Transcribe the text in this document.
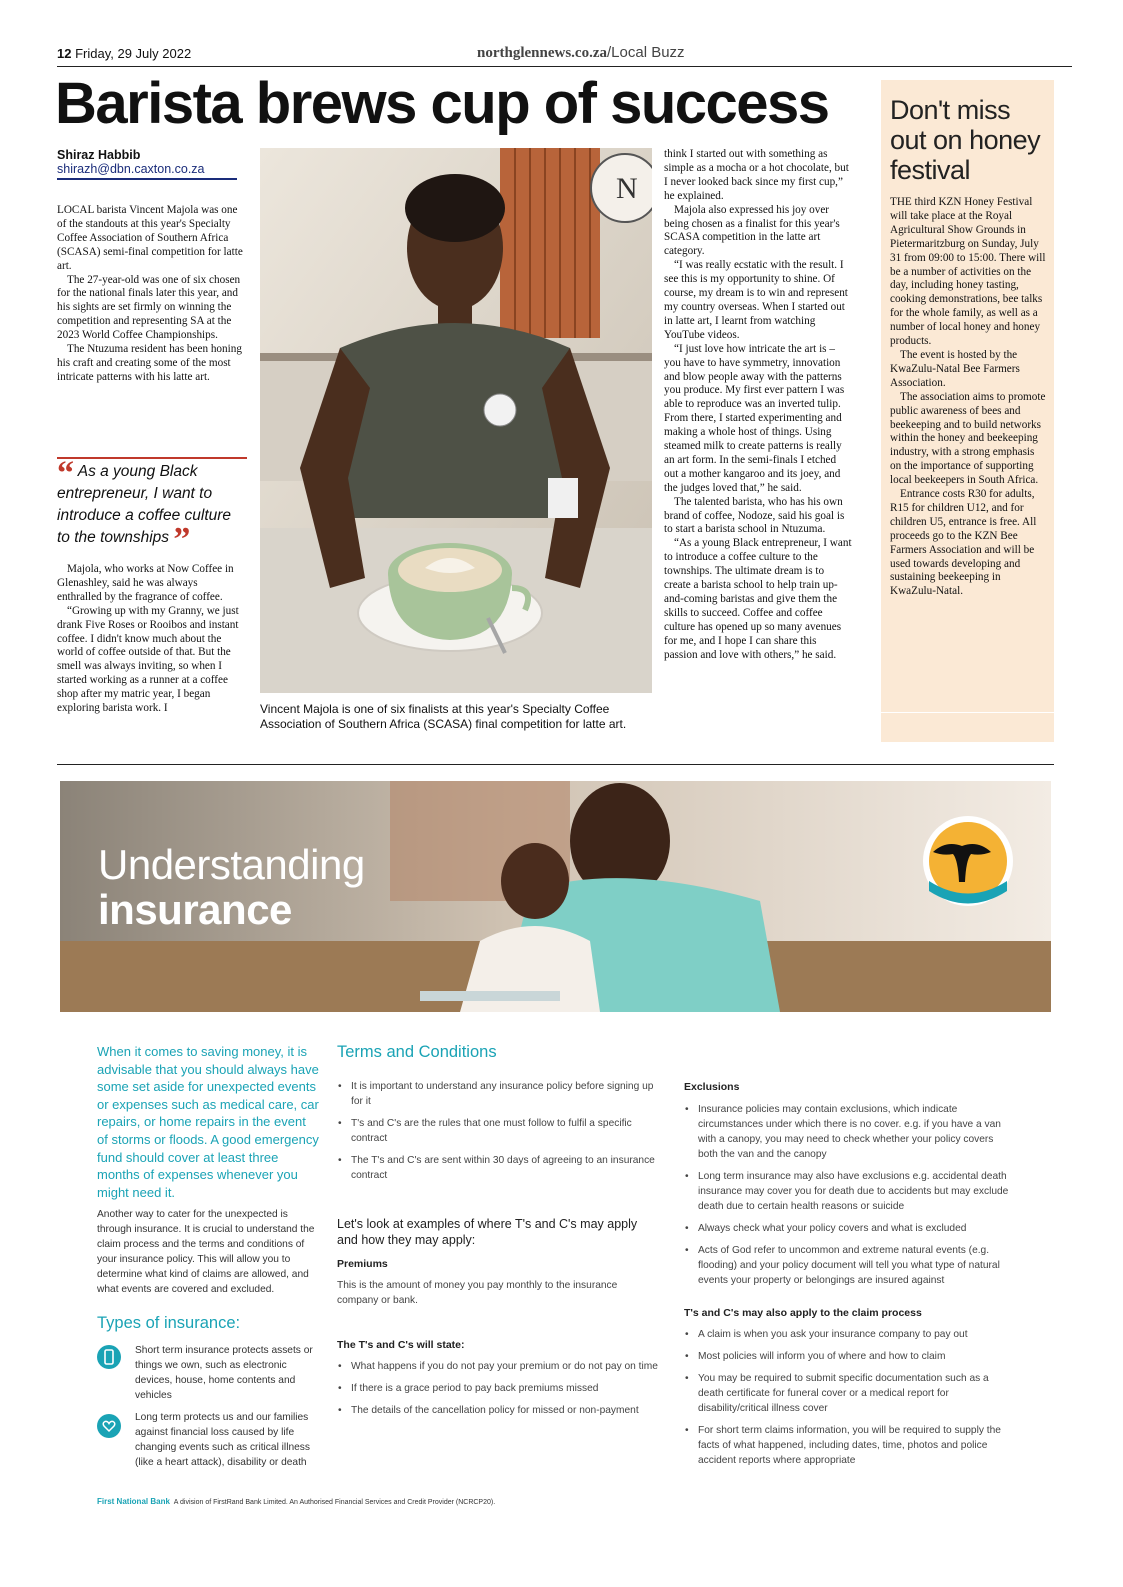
12 Friday, 29 July 2022	northglennews.co.za/Local Buzz
Barista brews cup of success
Shiraz Habbib
shirazh@dbn.caxton.co.za

LOCAL barista Vincent Majola was one of the standouts at this year's Specialty Coffee Association of Southern Africa (SCASA) semi-final competition for latte art.

The 27-year-old was one of six chosen for the national finals later this year, and his sights are set firmly on winning the competition and representing SA at the 2023 World Coffee Championships.

The Ntuzuma resident has been honing his craft and creating some of the most intricate patterns with his latte art.

“ As a young Black entrepreneur, I want to introduce a coffee culture to the townships ”

Majola, who works at Now Coffee in Glenashley, said he was always enthralled by the fragrance of coffee.

“Growing up with my Granny, we just drank Five Roses or Rooibos and instant coffee. I didn't know much about the world of coffee outside of that. But the smell was always inviting, so when I started working as a runner at a coffee shop after my matric year, I began exploring barista work. I

N
Vincent Majola is one of six finalists at this year's Specialty Coffee Association of Southern Africa (SCASA) final competition for latte art.

think I started out with something as simple as a mocha or a hot chocolate, but I never looked back since my first cup,” he explained.

Majola also expressed his joy over being chosen as a finalist for this year's SCASA competition in the latte art category.

“I was really ecstatic with the result. I see this is my opportunity to shine. Of course, my dream is to win and represent my country overseas. When I started out in latte art, I learnt from watching YouTube videos.

“I just love how intricate the art is – you have to have symmetry, innovation and blow people away with the patterns you produce. My first ever pattern I was able to reproduce was an inverted tulip. From there, I started experimenting and making a whole host of things. Using steamed milk to create patterns is really an art form. In the semi-finals I etched out a mother kangaroo and its joey, and the judges loved that,” he said.

The talented barista, who has his own brand of coffee, Nodoze, said his goal is to start a barista school in Ntuzuma.

“As a young Black entrepreneur, I want to introduce a coffee culture to the townships. The ultimate dream is to create a barista school to help train up-and-coming baristas and give them the skills to succeed. Coffee and coffee culture has opened up so many avenues for me, and I hope I can share this passion and love with others,” he said.

Don't miss out on honey festival

THE third KZN Honey Festival will take place at the Royal Agricultural Show Grounds in Pietermaritzburg on Sunday, July 31 from 09:00 to 15:00. There will be a number of activities on the day, including honey tasting, cooking demonstrations, bee talks for the whole family, as well as a number of local honey and honey products.

The event is hosted by the KwaZulu-Natal Bee Farmers Association.

The association aims to promote public awareness of bees and beekeeping and to build networks within the honey and beekeeping industry, with a strong emphasis on the importance of supporting local beekeepers in South Africa.

Entrance costs R30 for adults, R15 for children U12, and for children U5, entrance is free. All proceeds go to the KZN Bee Farmers Association and will be used towards developing and sustaining beekeeping in KwaZulu-Natal.

Understanding
insurance
When it comes to saving money, it is advisable that you should always have some set aside for unexpected events or expenses such as medical care, car repairs, or home repairs in the event of storms or floods. A good emergency fund should cover at least three months of expenses whenever you might need it.
Another way to cater for the unexpected is through insurance. It is crucial to understand the claim process and the terms and conditions of your insurance policy. This will allow you to determine what kind of claims are allowed, and what events are covered and excluded.
Types of insurance:
Short term insurance protects assets or things we own, such as electronic devices, house, home contents and vehicles
Long term protects us and our families against financial loss caused by life changing events such as critical illness (like a heart attack), disability or death
Terms and Conditions
• It is important to understand any insurance policy before signing up for it
• T's and C's are the rules that one must follow to fulfil a specific contract
• The T's and C's are sent within 30 days of agreeing to an insurance contract
Let's look at examples of where T's and C's may apply and how they may apply:
Premiums
This is the amount of money you pay monthly to the insurance company or bank.
The T's and C's will state:
• What happens if you do not pay your premium or do not pay on time
• If there is a grace period to pay back premiums missed
• The details of the cancellation policy for missed or non-payment
Exclusions
• Insurance policies may contain exclusions, which indicate circumstances under which there is no cover. e.g. if you have a van with a canopy, you may need to check whether your policy covers both the van and the canopy
• Long term insurance may also have exclusions e.g. accidental death insurance may cover you for death due to accidents but may exclude death due to certain health reasons or suicide
• Always check what your policy covers and what is excluded
• Acts of God refer to uncommon and extreme natural events (e.g. flooding) and your policy document will tell you what type of natural events your property or belongings are insured against
T's and C's may also apply to the claim process
• A claim is when you ask your insurance company to pay out
• Most policies will inform you of where and how to claim
• You may be required to submit specific documentation such as a death certificate for funeral cover or a medical report for disability/critical illness cover
• For short term claims information, you will be required to supply the facts of what happened, including dates, time, photos and police accident reports where appropriate
First National Bank A division of FirstRand Bank Limited. An Authorised Financial Services and Credit Provider (NCRCP20).
